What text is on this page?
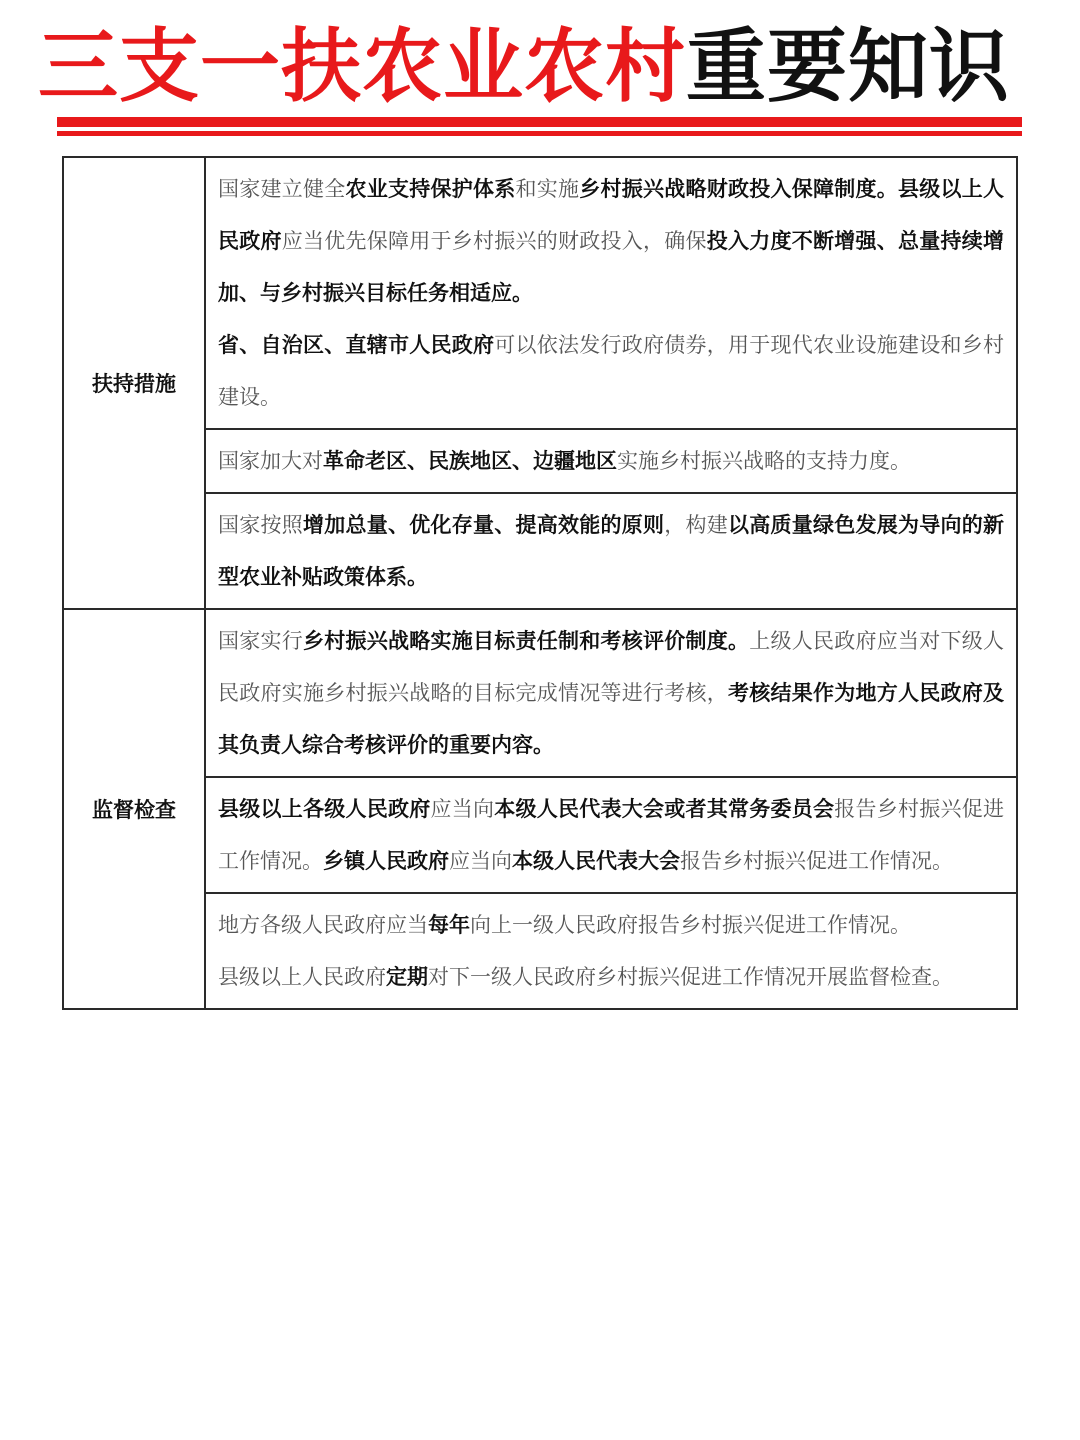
三支一扶农业农村 重要知识
扶持措施	国家建立健全农业支持保护体系和实施乡村振兴战略财政投入保障制度。县级以上人民政府应当优先保障用于乡村振兴的财政投入，确保投入力度不断增强、总量持续增加、与乡村振兴目标任务相适应。

省、自治区、直辖市人民政府可以依法发行政府债券，用于现代农业设施建设和乡村建设。

	国家加大对革命老区、民族地区、边疆地区实施乡村振兴战略的支持力度。

	国家按照增加总量、优化存量、提高效能的原则，构建以高质量绿色发展为导向的新型农业补贴政策体系。

监督检查	国家实行乡村振兴战略实施目标责任制和考核评价制度。上级人民政府应当对下级人民政府实施乡村振兴战略的目标完成情况等进行考核，考核结果作为地方人民政府及其负责人综合考核评价的重要内容。

	县级以上各级人民政府应当向本级人民代表大会或者其常务委员会报告乡村振兴促进工作情况。乡镇人民政府应当向本级人民代表大会报告乡村振兴促进工作情况。

	地方各级人民政府应当每年向上一级人民政府报告乡村振兴促进工作情况。

县级以上人民政府定期对下一级人民政府乡村振兴促进工作情况开展监督检查。
